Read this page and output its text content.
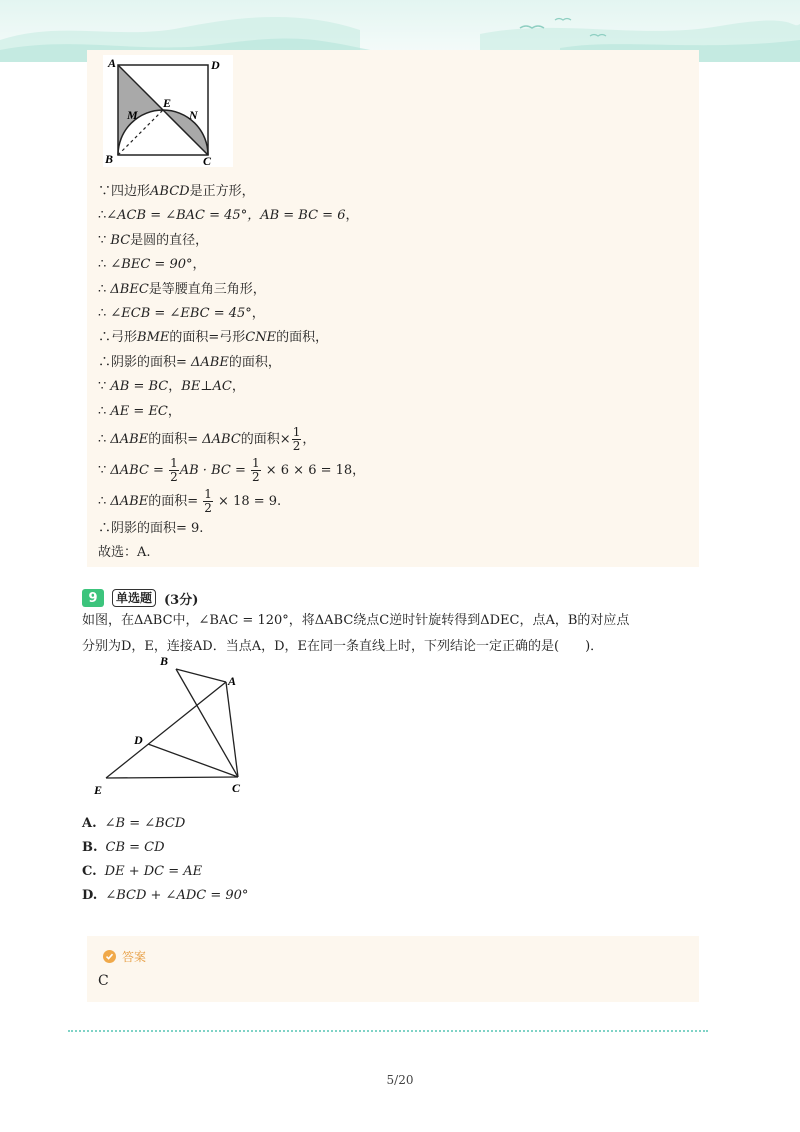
A	D
E
M	N
B	C
∵四边形ABCD是正方形，
∴∠ACB = ∠BAC = 45°，AB = BC = 6，
∵ BC是圆的直径，
∴ ∠BEC = 90°，
∴ ΔBEC是等腰直角三角形，
∴ ∠ECB = ∠EBC = 45°，
∴弓形BME的面积=弓形CNE的面积，
∴阴影的面积= ΔABE的面积，
∵ AB = BC，BE⊥AC，
∴ AE = EC，
∴ ΔABE的面积= ΔABC的面积× $\frac{1}{2}$ ，
∵ $\Delta ABC = \frac{1}{2}$ AB · BC = $\frac{1}{2} \times 6 \times 6 = 18$，
∴ ΔABE的面积= $\frac{1}{2} \times 18 = 9$.
∴阴影的面积= 9.
故选：A.
9	单选题 (3分)
如图，在ΔABC中，∠BAC = 120°，将ΔABC绕点C逆时针旋转得到ΔDEC，点A，B的对应点
分别为D，E，连接AD．当点A，D，E在同一条直线上时，下列结论一定正确的是(　　)．
B
A
D
E	C
A. ∠B = ∠BCD
B. CB = CD
C. DE + DC = AE
D. ∠BCD + ∠ADC = 90°
答案
C
5/20
